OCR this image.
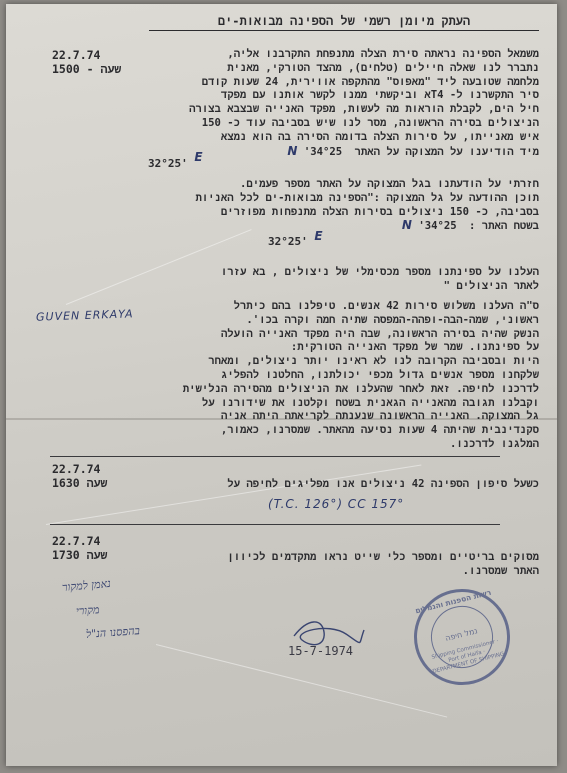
העתק מיומן רשמי של הספינה מבואות-ים
22.7.74
שעה - 1500
משמאל הספינה נראתה סירת הצלה מתנפחת התקרבנו אליה,
נתברר לנו שאלה חיילים (טלחים), מהצד הטורקי, מאנית
מלחמה שטובעה ליד "מאפוס" מהתקפה אווירית, 24 שעות קודם
סיר התקשרנו ל- T4א וביקשתי ממנו לקשר אותנו עם מפקד
חיל הים, לקבלת הוראות מה לעשות, מפקד האנייה שבצבא בצורה
הניצולים בסירה הראשונה, מסר לנו שיש בסביבה עוד כ- 150
איש מאנייתו, על סירות הצלה בדומה הסירה בה הוא נמצא
מיד הודיענו על המצוקה על האתר 34°25' N
32°25' E
חזרתי על הודעתנו בגל המצוקה על האתר מספר פעמים.
תוכן ההודעה על גל המצוקה :"הספינה מבואות-ים לכל האניות
בסביבה, כ- 150 ניצולים בסירות הצלה מתנפחות מפוזרים
בשטח האתר : 34°25' N
32°25' E
העלנו על ספינתנו מספר מכסימלי של ניצולים , בא עזרו
לאתר הניצולים "
ס"ה העלנו משלוש סירות 42 אנשים. טיפלנו בהם כיתרל
ראשוני, שמה-הבה-ופהה-המפסה שתיה חמה וקרה בכו'.
הנשק שהיה בסירה הראשונה, שבה היה מפקד האנייה הועלה
על ספינתנו. שמר של מפקד האנייה הטורקית:
היות ובסביבה הקרובה לנו לא ראינו יותר ניצולים, ומאחר
שלקחנו מספר אנשים גדול מכפי יכולתנו, החלטנו להפליג
לדרכנו לחיפה. זאת לאחר שהעלנו את הניצולים מהסירה הנלישית
וקבלנו תגובה מהאנייה הגאנית בשטח וקלטנו את שידורנו על
גל המצוקה. האנייה הראשונה שנענתה לקריאתה היתה אניה
סקנדינבית שהיתה 4 שעות נסיעה מהאתר. שמסרנו, כאמור,
המלגנו לדרכנו.
GUVEN ERKAYA
22.7.74
שעה 1630	כשעל סיפון הספינה 42 ניצולים אנו מפליגים לחיפה על
(T.C. 126°) CC 157°
22.7.74
שעה 1730	מסוקים בריטיים ומספר כלי שייט נראו מתקדמים לכיוון
האתר שמסרנו.
נאמן למקור
מקורי
בהפסנו הנ"ל
15-7-1974
רשות הספנות והנמלים
נמל חיפה
Shipping Commissioner · Port of Haifa · DEPARTMENT OF SHIPPING
